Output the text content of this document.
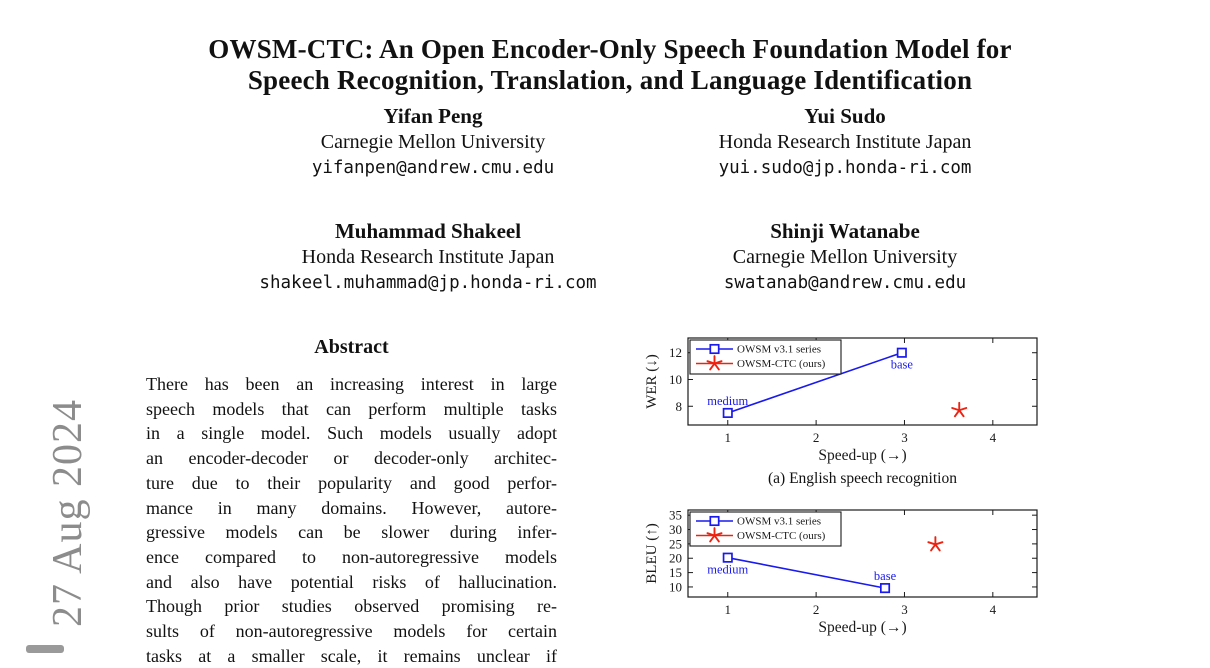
27 Aug 2024
OWSM-CTC: An Open Encoder-Only Speech Foundation Model for
Speech Recognition, Translation, and Language Identification
Yifan Peng
Carnegie Mellon University
yifanpen@andrew.cmu.edu
Yui Sudo
Honda Research Institute Japan
yui.sudo@jp.honda-ri.com
Muhammad Shakeel
Honda Research Institute Japan
shakeel.muhammad@jp.honda-ri.com
Shinji Watanabe
Carnegie Mellon University
swatanab@andrew.cmu.edu
Abstract
There has been an increasing interest in large
speech models that can perform multiple tasks
in a single model. Such models usually adopt
an encoder-decoder or decoder-only architec-
ture due to their popularity and good perfor-
mance in many domains. However, autore-
gressive models can be slower during infer-
ence compared to non-autoregressive models
and also have potential risks of hallucination.
Though prior studies observed promising re-
sults of non-autoregressive models for certain
tasks at a smaller scale, it remains unclear if
1	2	3	4
8
10
12
medium
base
OWSM v3.1 series
OWSM-CTC (ours)
Speed-up (→)
WER (↓)
(a) English speech recognition
1	2	3	4
10
15
20
25
30
35
medium	base
OWSM v3.1 series
OWSM-CTC (ours)
Speed-up (→)
BLEU (↑)
